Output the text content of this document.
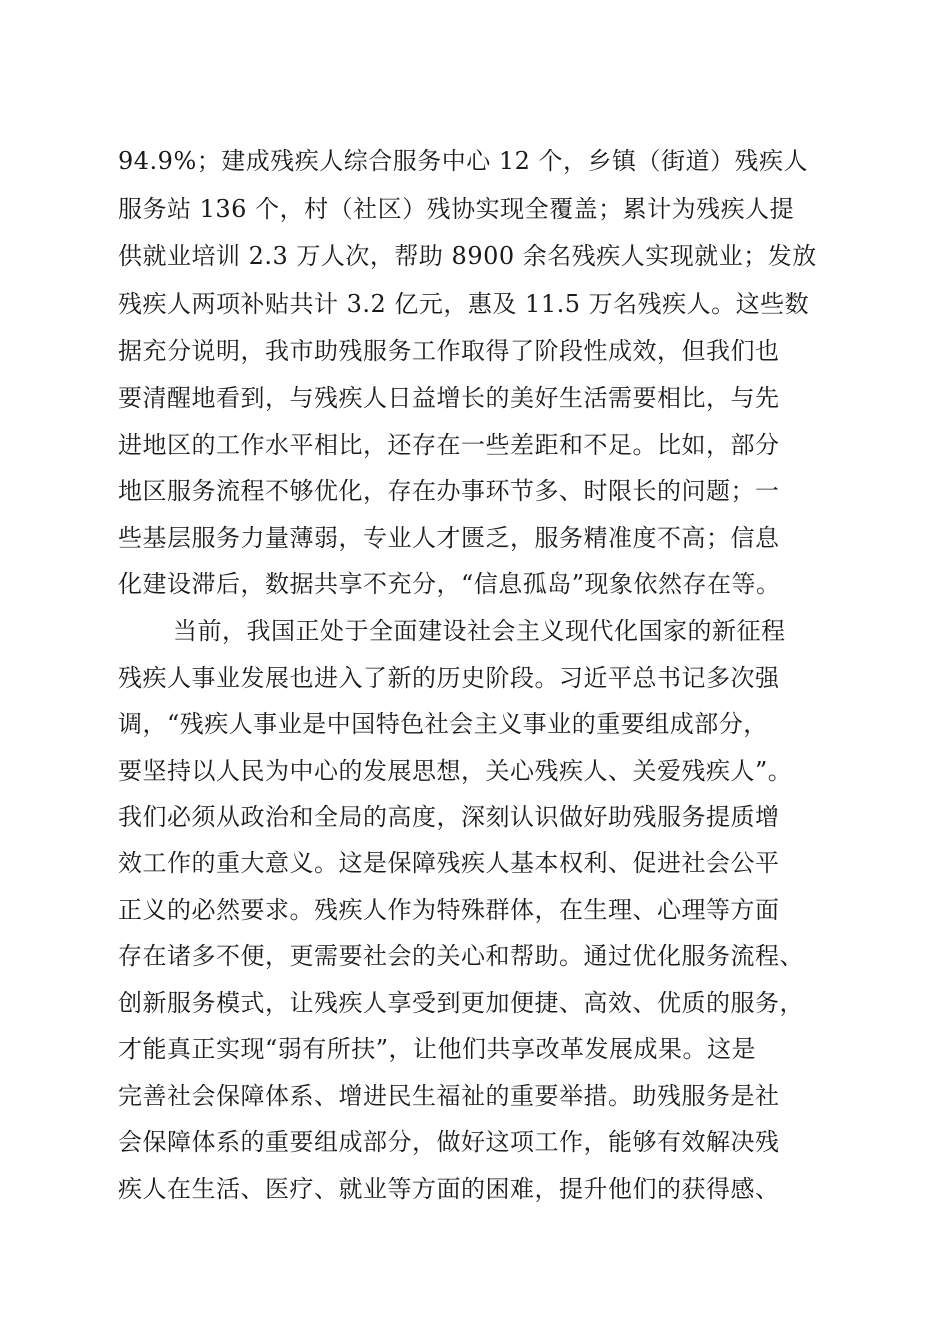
94.9%；建成残疾人综合服务中心 12 个，乡镇（街道）残疾人
服务站 136 个，村（社区）残协实现全覆盖；累计为残疾人提
供就业培训 2.3 万人次，帮助 8900 余名残疾人实现就业；发放
残疾人两项补贴共计 3.2 亿元，惠及 11.5 万名残疾人。这些数
据充分说明，我市助残服务工作取得了阶段性成效，但我们也
要清醒地看到，与残疾人日益增长的美好生活需要相比，与先
进地区的工作水平相比，还存在一些差距和不足。比如，部分
地区服务流程不够优化，存在办事环节多、时限长的问题；一
些基层服务力量薄弱，专业人才匮乏，服务精准度不高；信息
化建设滞后，数据共享不充分，“信息孤岛”现象依然存在等。
当前，我国正处于全面建设社会主义现代化国家的新征程
残疾人事业发展也进入了新的历史阶段。习近平总书记多次强
调，“残疾人事业是中国特色社会主义事业的重要组成部分，
要坚持以人民为中心的发展思想，关心残疾人、关爱残疾人”。
我们必须从政治和全局的高度，深刻认识做好助残服务提质增
效工作的重大意义。这是保障残疾人基本权利、促进社会公平
正义的必然要求。残疾人作为特殊群体，在生理、心理等方面
存在诸多不便，更需要社会的关心和帮助。通过优化服务流程、
创新服务模式，让残疾人享受到更加便捷、高效、优质的服务，
才能真正实现“弱有所扶”，让他们共享改革发展成果。这是
完善社会保障体系、增进民生福祉的重要举措。助残服务是社
会保障体系的重要组成部分，做好这项工作，能够有效解决残
疾人在生活、医疗、就业等方面的困难，提升他们的获得感、
